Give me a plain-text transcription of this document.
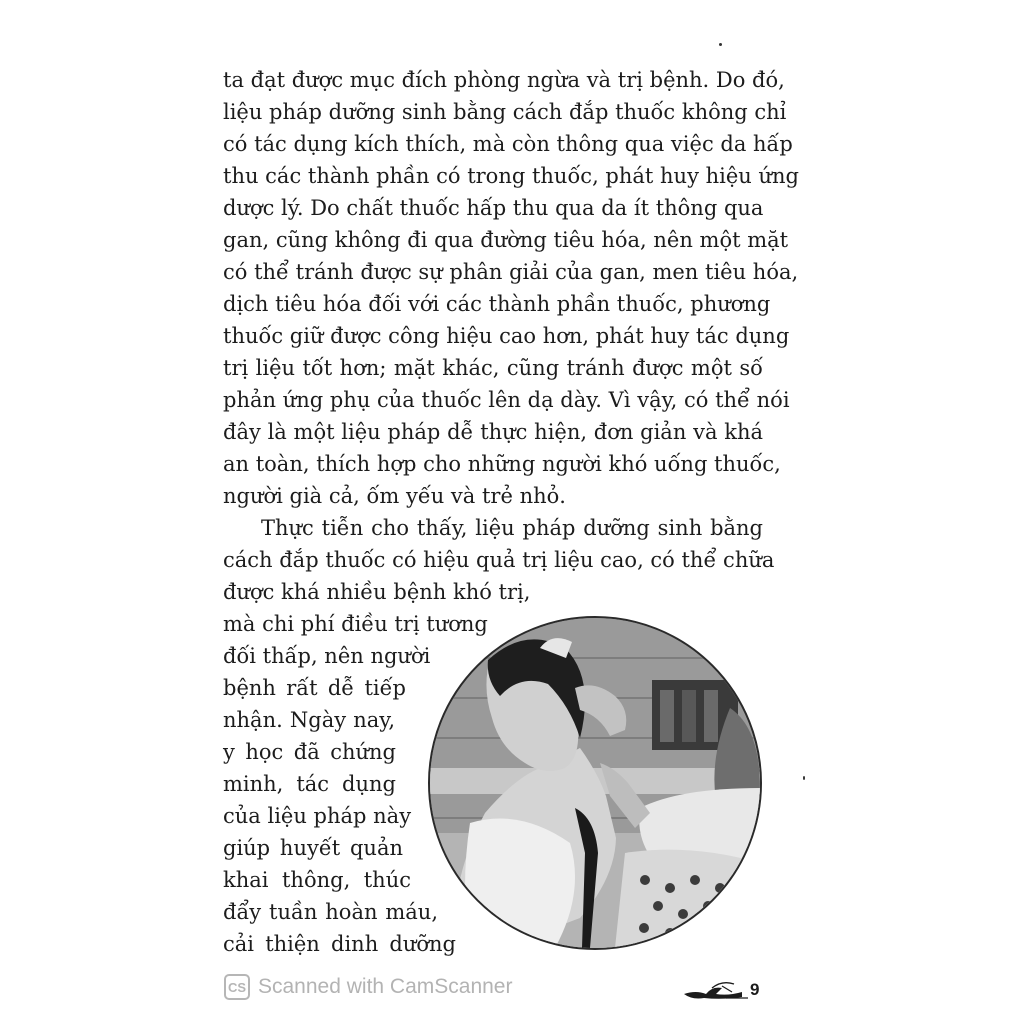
ta đạt được mục đích phòng ngừa và trị bệnh. Do đó,
liệu pháp dưỡng sinh bằng cách đắp thuốc không chỉ
có tác dụng kích thích, mà còn thông qua việc da hấp
thu các thành phần có trong thuốc, phát huy hiệu ứng
dược lý. Do chất thuốc hấp thu qua da ít thông qua
gan, cũng không đi qua đường tiêu hóa, nên một mặt
có thể tránh được sự phân giải của gan, men tiêu hóa,
dịch tiêu hóa đối với các thành phần thuốc, phương
thuốc giữ được công hiệu cao hơn, phát huy tác dụng
trị liệu tốt hơn; mặt khác, cũng tránh được một số
phản ứng phụ của thuốc lên dạ dày. Vì vậy, có thể nói
đây là một liệu pháp dễ thực hiện, đơn giản và khá
an toàn, thích hợp cho những người khó uống thuốc,
người già cả, ốm yếu và trẻ nhỏ.
Thực tiễn cho thấy, liệu pháp dưỡng sinh bằng
cách đắp thuốc có hiệu quả trị liệu cao, có thể chữa
được khá nhiều bệnh khó trị,
mà chi phí điều trị tương
đối thấp, nên người
bệnh rất dễ tiếp
nhận. Ngày nay,
y học đã chứng
minh, tác dụng
của liệu pháp này
giúp huyết quản
khai thông, thúc
đẩy tuần hoàn máu,
cải thiện dinh dưỡng
CS Scanned with CamScanner	9
